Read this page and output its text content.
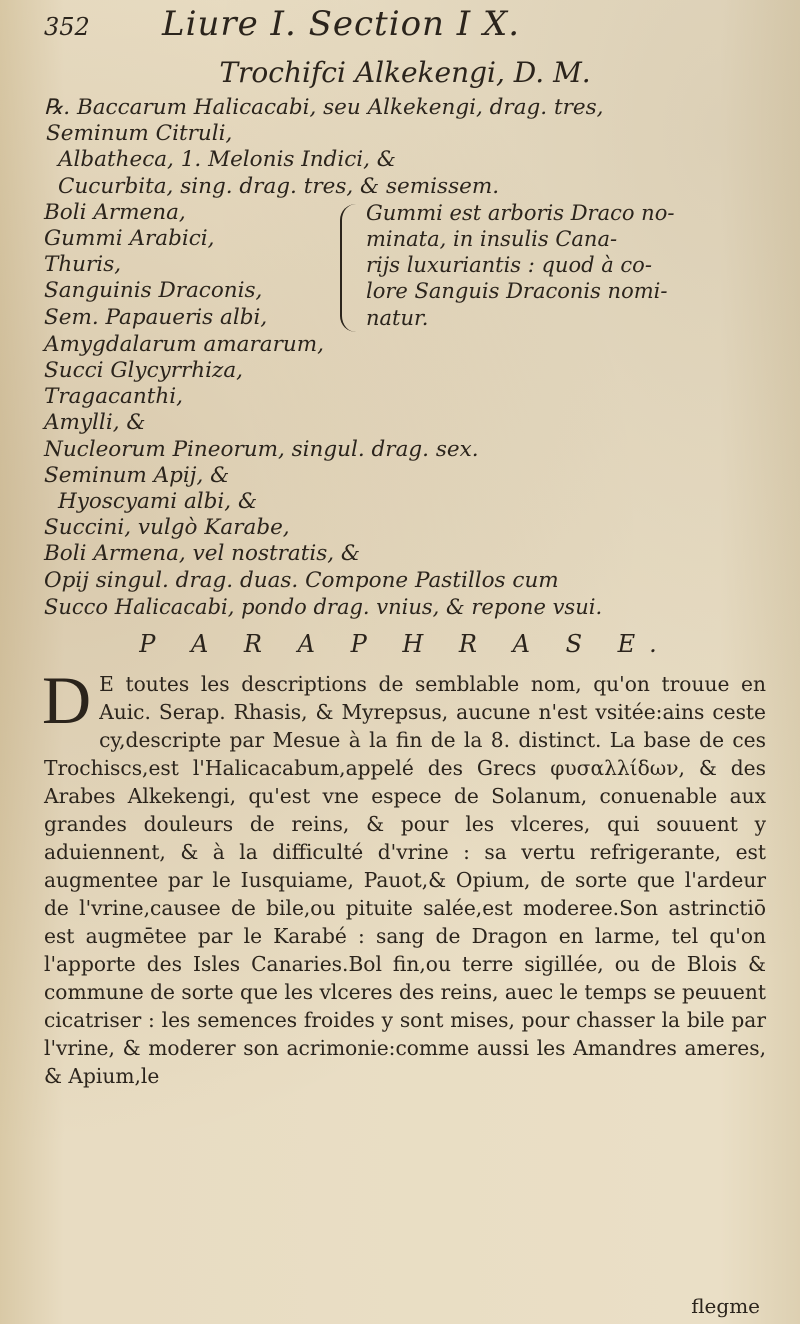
352	Liure I. Section I X.
Trochifci Alkekengi, D. M.
℞. Baccarum Halicacabi, seu Alkekengi, drag. tres,
Seminum Citruli,
Albatheca, 1. Melonis Indici, &
Cucurbita, sing. drag. tres, & semissem.
Boli Armena,
Gummi Arabici,
Thuris,
Sanguinis Draconis,
Sem. Papaueris albi,
Gummi est arboris Draco no-
minata, in insulis Cana-
rijs luxuriantis : quod à co-
lore Sanguis Draconis nomi-
natur.
Amygdalarum amararum,
Succi Glycyrrhiza,
Tragacanthi,
Amylli, &
Nucleorum Pineorum, singul. drag. sex.
Seminum Apij, &
Hyoscyami albi, &
Succini, vulgò Karabe,
Boli Armena, vel nostratis, &
Opij singul. drag. duas. Compone Pastillos cum
Succo Halicacabi, pondo drag. vnius, & repone vsui.
P A R A P H R A S E.
D E toutes les descriptions de semblable nom, qu'on trouue en Auic. Serap. Rhasis, & Myrepsus, aucune n'est vsitée:ains ceste cy,descripte par Mesue à la fin de la 8. distinct. La base de ces Trochiscs,est l'Halicacabum,appelé des Grecs φυσαλλίδων, & des Arabes Alkekengi, qu'est vne espece de Solanum, conuenable aux grandes douleurs de reins, & pour les vlceres, qui souuent y aduiennent, & à la difficulté d'vrine : sa vertu refrigerante, est augmentee par le Iusquiame, Pauot,& Opium, de sorte que l'ardeur de l'vrine,causee de bile,ou pituite salée,est moderee.Son astrinctiō est augmētee par le Karabé : sang de Dragon en larme, tel qu'on l'apporte des Isles Canaries.Bol fin,ou terre sigillée, ou de Blois & commune de sorte que les vlceres des reins, auec le temps se peuuent cicatriser : les semences froides y sont mises, pour chasser la bile par l'vrine, & moderer son acrimonie:comme aussi les Amandres ameres, & Apium,le
flegme
